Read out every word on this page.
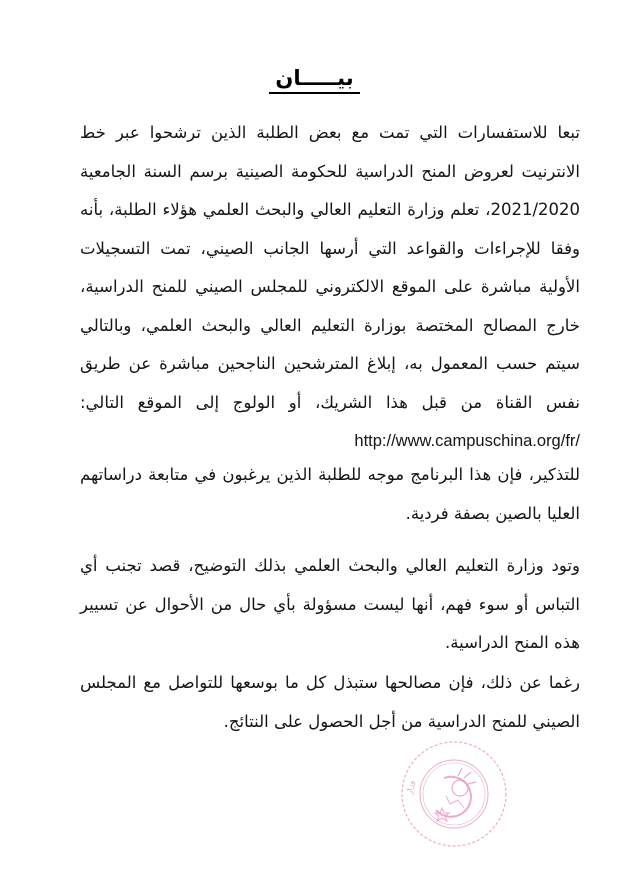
بيـــــان

تبعا للاستفسارات التي تمت مع بعض الطلبة الذين ترشحوا عبر خط الانترنيت لعروض المنح الدراسية للحكومة الصينية برسم السنة الجامعية 2021/2020، تعلم وزارة التعليم العالي والبحث العلمي هؤلاء الطلبة، بأنه وفقا للإجراءات والقواعد التي أرسها الجانب الصيني، تمت التسجيلات الأولية مباشرة على الموقع الالكتروني للمجلس الصيني للمنح الدراسية، خارج المصالح المختصة بوزارة التعليم العالي والبحث العلمي، وبالتالي سيتم حسب المعمول به، إبلاغ المترشحين الناجحين مباشرة عن طريق نفس القناة من قبل هذا الشريك، أو الولوج إلى الموقع التالي: http://www.campuschina.org/fr/

للتذكير، فإن هذا البرنامج موجه للطلبة الذين يرغبون في متابعة دراساتهم العليا بالصين بصفة فردية.

وتود وزارة التعليم العالي والبحث العلمي بذلك التوضيح، قصد تجنب أي التباس أو سوء فهم، أنها ليست مسؤولة بأي حال من الأحوال عن تسيير هذه المنح الدراسية.

رغما عن ذلك، فإن مصالحها ستبذل كل ما بوسعها للتواصل مع المجلس الصيني للمنح الدراسية من أجل الحصول على النتائج.

وزار
